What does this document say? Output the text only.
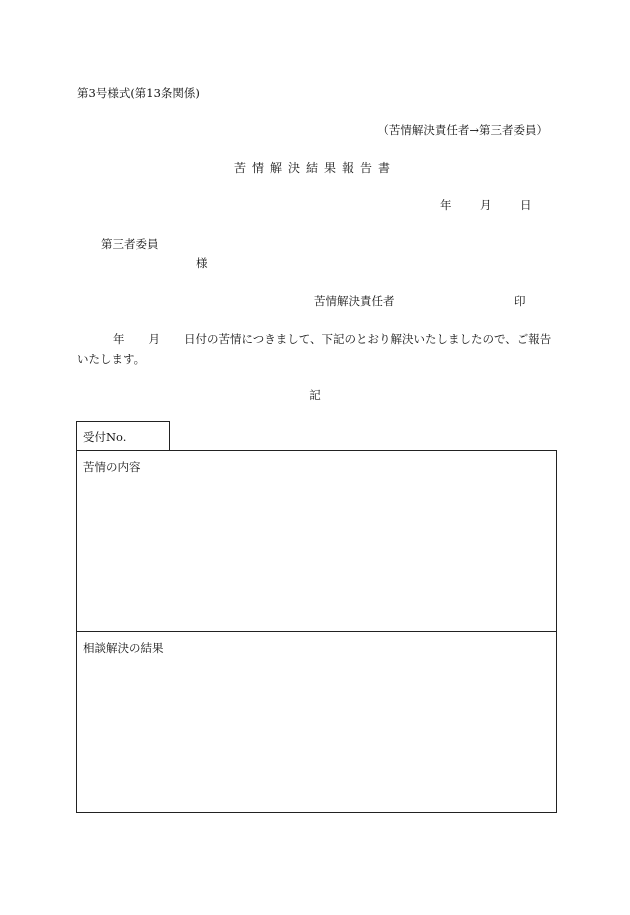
第3号様式(第13条関係)
（苦情解決責任者→第三者委員）
苦情解決結果報告書
年 月 日
第三者委員
様
苦情解決責任者	印
年 月 日付の苦情につきまして、下記のとおり解決いたしましたので、ご報告いたします。
記
受付No.
苦情の内容
相談解決の結果
